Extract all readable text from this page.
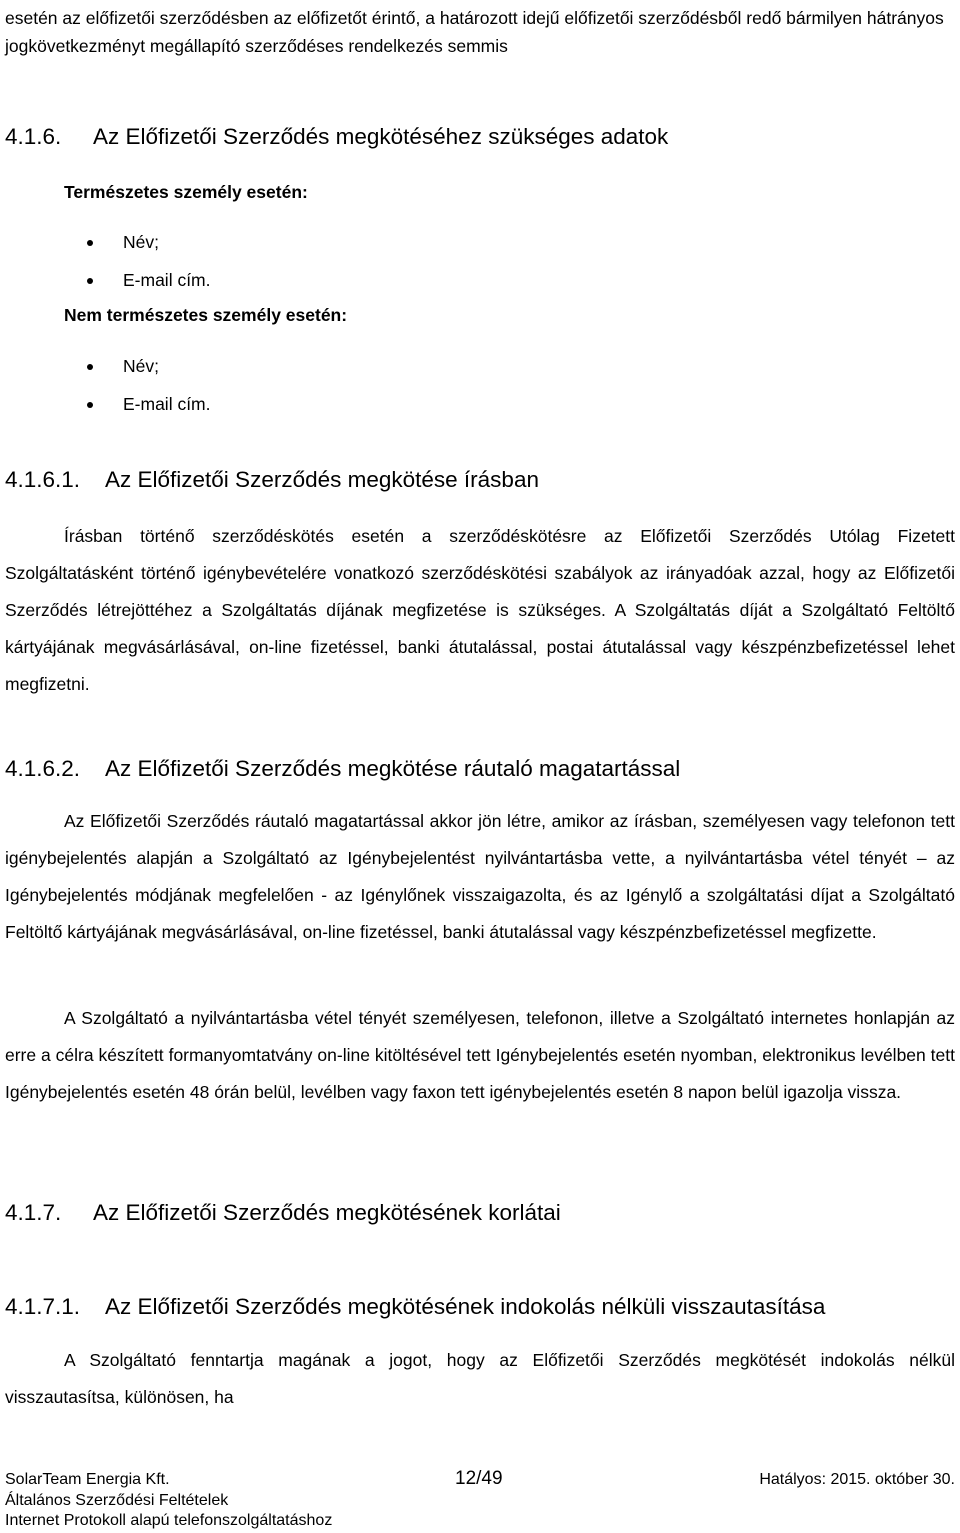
esetén az előfizetői szerződésben az előfizetőt érintő, a határozott idejű előfizetői szerződésből redő bármilyen hátrányos jogkövetkezményt megállapító szerződéses rendelkezés semmis

4.1.6. Az Előfizetői Szerződés megkötéséhez szükséges adatok
Természetes személy esetén:
Név;
E-mail cím.
Nem természetes személy esetén:
Név;
E-mail cím.
4.1.6.1. Az Előfizetői Szerződés megkötése írásban

Írásban történő szerződéskötés esetén a szerződéskötésre az Előfizetői Szerződés Utólag Fizetett Szolgáltatásként történő igénybevételére vonatkozó szerződéskötési szabályok az irányadóak azzal, hogy az Előfizetői Szerződés létrejöttéhez a Szolgáltatás díjának megfizetése is szükséges. A Szolgáltatás díját a Szolgáltató Feltöltő kártyájának megvásárlásával, on-line fizetéssel, banki átutalással, postai átutalással vagy készpénzbefizetéssel lehet megfizetni.

4.1.6.2. Az Előfizetői Szerződés megkötése ráutaló magatartással

Az Előfizetői Szerződés ráutaló magatartással akkor jön létre, amikor az írásban, személyesen vagy telefonon tett igénybejelentés alapján a Szolgáltató az Igénybejelentést nyilvántartásba vette, a nyilvántartásba vétel tényét – az Igénybejelentés módjának megfelelően - az Igénylőnek visszaigazolta, és az Igénylő a szolgáltatási díjat a Szolgáltató Feltöltő kártyájának megvásárlásával, on-line fizetéssel, banki átutalással vagy készpénzbefizetéssel megfizette.

A Szolgáltató a nyilvántartásba vétel tényét személyesen, telefonon, illetve a Szolgáltató internetes honlapján az erre a célra készített formanyomtatvány on-line kitöltésével tett Igénybejelentés esetén nyomban, elektronikus levélben tett Igénybejelentés esetén 48 órán belül, levélben vagy faxon tett igénybejelentés esetén 8 napon belül igazolja vissza.

4.1.7. Az Előfizetői Szerződés megkötésének korlátai
4.1.7.1. Az Előfizetői Szerződés megkötésének indokolás nélküli visszautasítása

A Szolgáltató fenntartja magának a jogot, hogy az Előfizetői Szerződés megkötését indokolás nélkül visszautasítsa, különösen, ha

SolarTeam Energia Kft.	12/49	Hatályos: 2015. október 30.
Általános Szerződési Feltételek
Internet Protokoll alapú telefonszolgáltatáshoz
